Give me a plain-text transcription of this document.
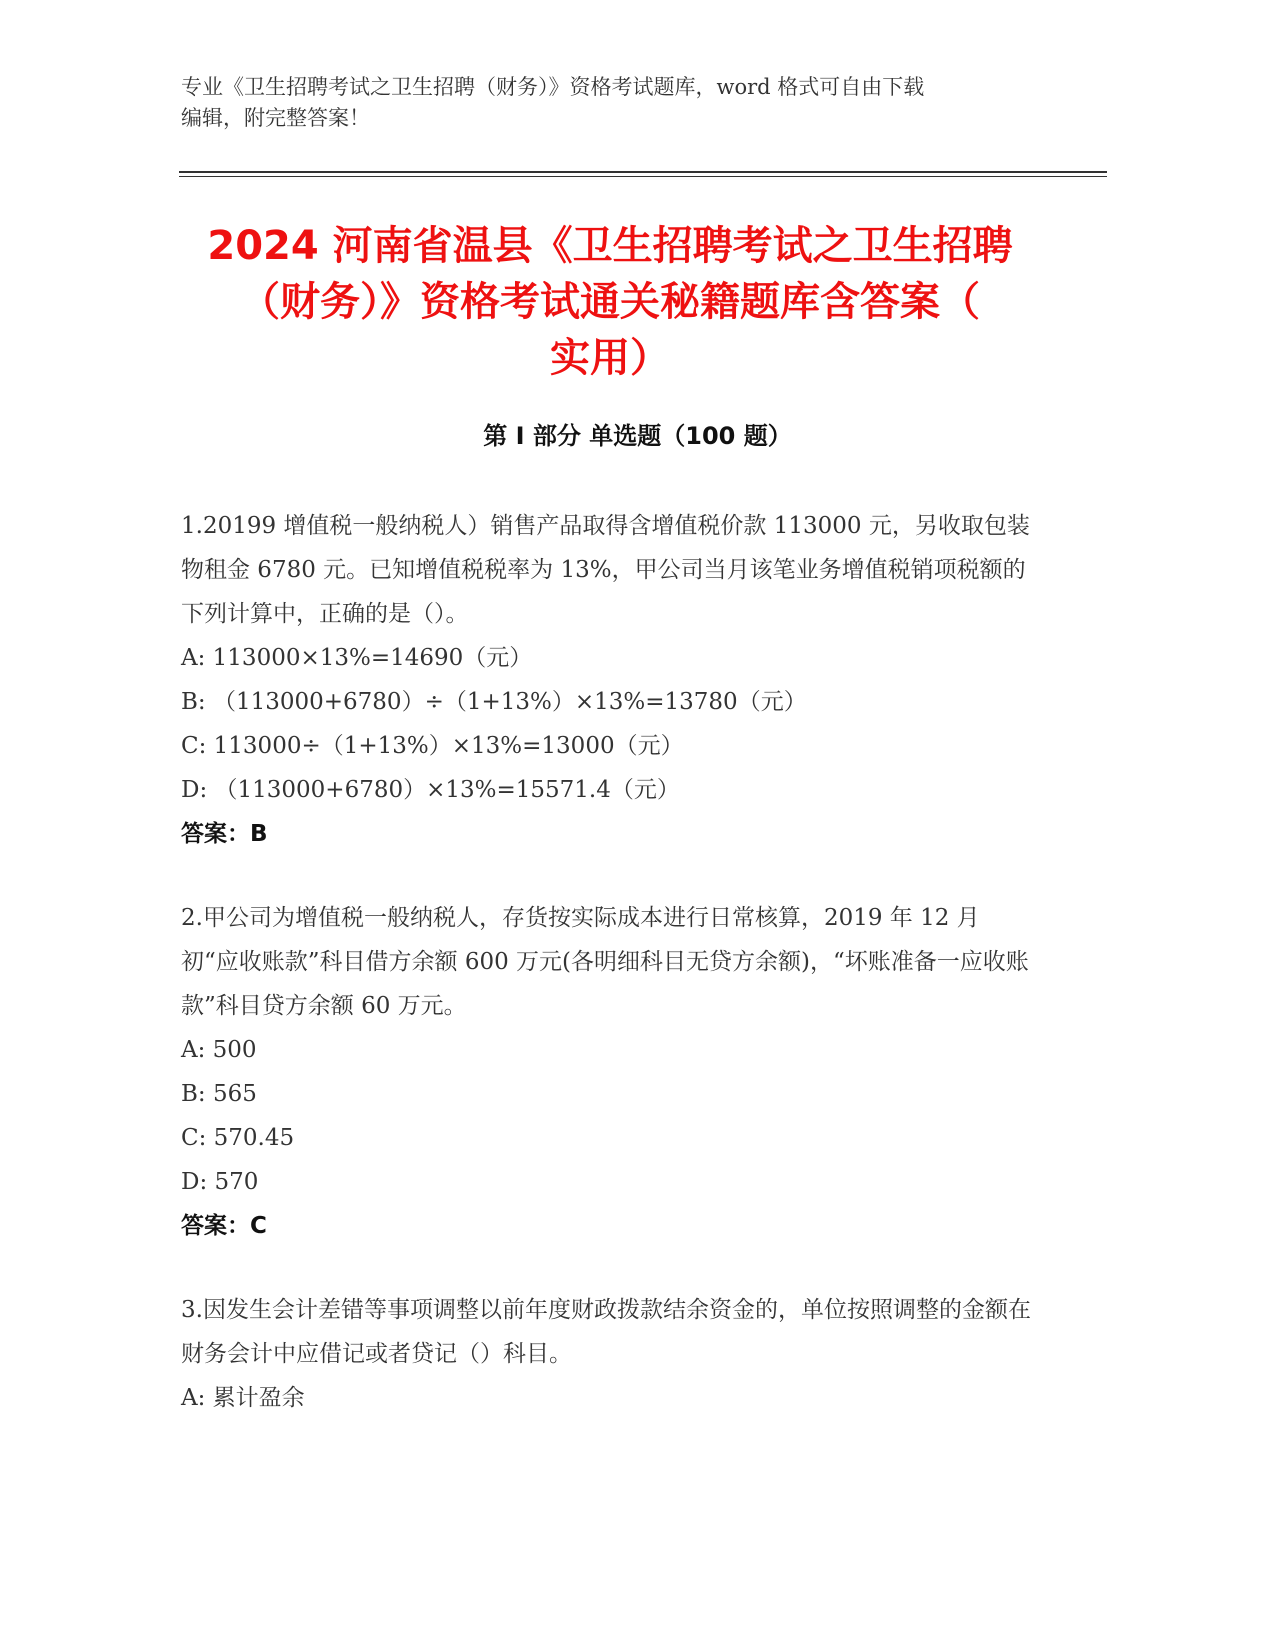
专业《卫生招聘考试之卫生招聘（财务）》资格考试题库，word 格式可自由下载

编辑，附完整答案！

2024 河南省温县《卫生招聘考试之卫生招聘
（财务）》资格考试通关秘籍题库含答案（
实用）
第 I 部分 单选题（100 题）

1.20199 增值税一般纳税人）销售产品取得含增值税价款 113000 元，另收取包装物租金 6780 元。已知增值税税率为 13%，甲公司当月该笔业务增值税销项税额的下列计算中，正确的是（）。

A: 113000×13%=14690（元）

B: （113000+6780）÷（1+13%）×13%=13780（元）

C: 113000÷（1+13%）×13%=13000（元）

D: （113000+6780）×13%=15571.4（元）

答案：B

2.甲公司为增值税一般纳税人，存货按实际成本进行日常核算，2019 年 12 月初“应收账款”科目借方余额 600 万元(各明细科目无贷方余额)，“坏账准备一应收账款”科目贷方余额 60 万元。

A: 500

B: 565

C: 570.45

D: 570

答案：C

3.因发生会计差错等事项调整以前年度财政拨款结余资金的，单位按照调整的金额在财务会计中应借记或者贷记（）科目。

A: 累计盈余
